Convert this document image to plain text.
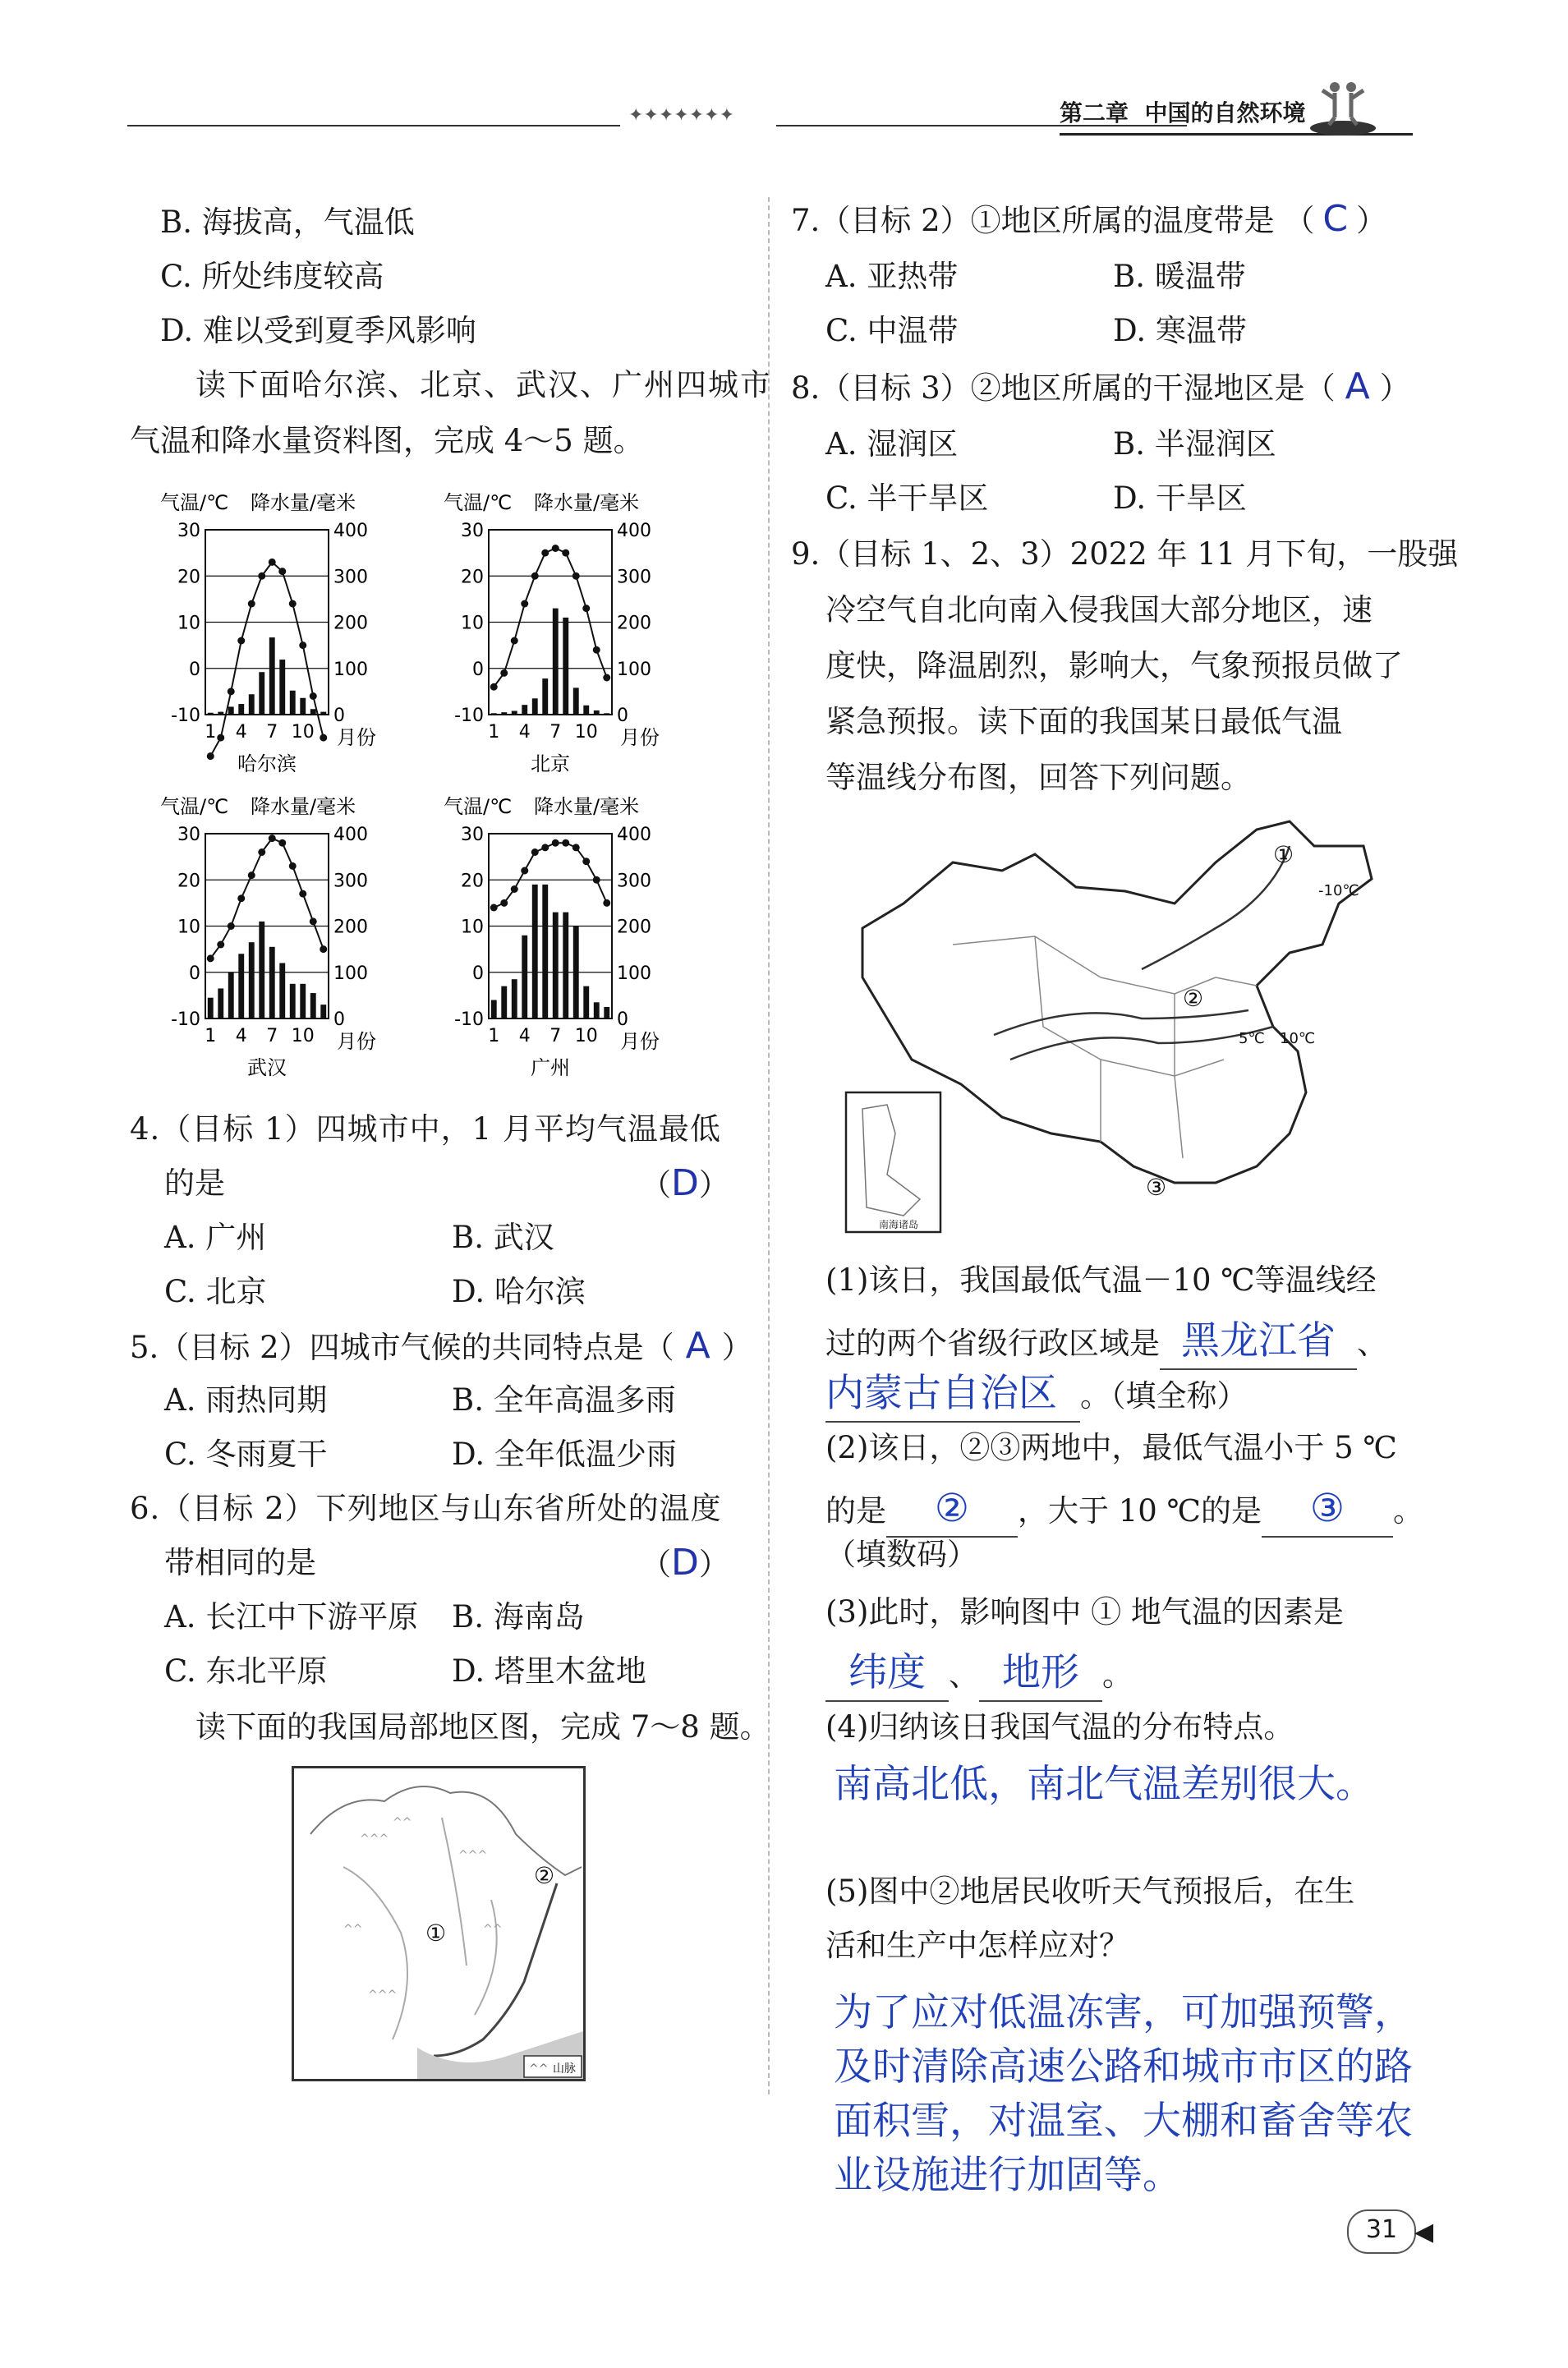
✦✦✦✦✦✦✦	第二章 中国的自然环境
B. 海拔高，气温低
C. 所处纬度较高
D. 难以受到夏季风影响
读下面哈尔滨、北京、武汉、广州四城市
气温和降水量资料图，完成 4～5 题。
气温/℃ 降水量/毫米
30
20
10
0
-10
400
300
200
100
0
1 4 7 10 月份
哈尔滨
气温/℃ 降水量/毫米
30
20
10
0
-10
400
300
200
100
0
1 4 7 10 月份
北京
气温/℃ 降水量/毫米
30
20
10
0
-10
400
300
200
100
0
1 4 7 10 月份
武汉
气温/℃ 降水量/毫米
30
20
10
0
-10
400
300
200
100
0
1 4 7 10 月份
广州
4.（目标 1）四城市中，1 月平均气温最低
的是	（D）
A. 广州	B. 武汉
C. 北京	D. 哈尔滨
5.（目标 2）四城市气候的共同特点是（ A ）
A. 雨热同期	B. 全年高温多雨
C. 冬雨夏干	D. 全年低温少雨
6.（目标 2）下列地区与山东省所处的温度
带相同的是	（D）
A. 长江中下游平原 B. 海南岛
C. 东北平原	D. 塔里木盆地
读下面的我国局部地区图，完成 7～8 题。
^^^
^^
^^^
^^	^^
^^^
①
②
^^ 山脉
7.（目标 2）①地区所属的温度带是 （ C ）
A. 亚热带	B. 暖温带
C. 中温带	D. 寒温带
8.（目标 3）②地区所属的干湿地区是（ A ）
A. 湿润区	B. 半湿润区
C. 半干旱区	D. 干旱区
9.（目标 1、2、3）2022 年 11 月下旬，一股强
冷空气自北向南入侵我国大部分地区，速
度快，降温剧烈，影响大，气象预报员做了
紧急预报。读下面的我国某日最低气温
等温线分布图，回答下列问题。
①
②
③
-10℃
5℃ 10℃
南海诸岛
(1)该日，我国最低气温－10 ℃等温线经
过的两个省级行政区域是 黑龙江省 、
内蒙古自治区 。（填全称）
(2)该日，②③两地中，最低气温小于 5 ℃
的是 ② ，大于 10 ℃的是 ③ 。
（填数码）
(3)此时，影响图中 ① 地气温的因素是
纬度 、 地形 。
(4)归纳该日我国气温的分布特点。
南高北低，南北气温差别很大。
(5)图中②地居民收听天气预报后，在生
活和生产中怎样应对？
为了应对低温冻害，可加强预警，
及时清除高速公路和城市市区的路
面积雪，对温室、大棚和畜舍等农
业设施进行加固等。
31 ◀
